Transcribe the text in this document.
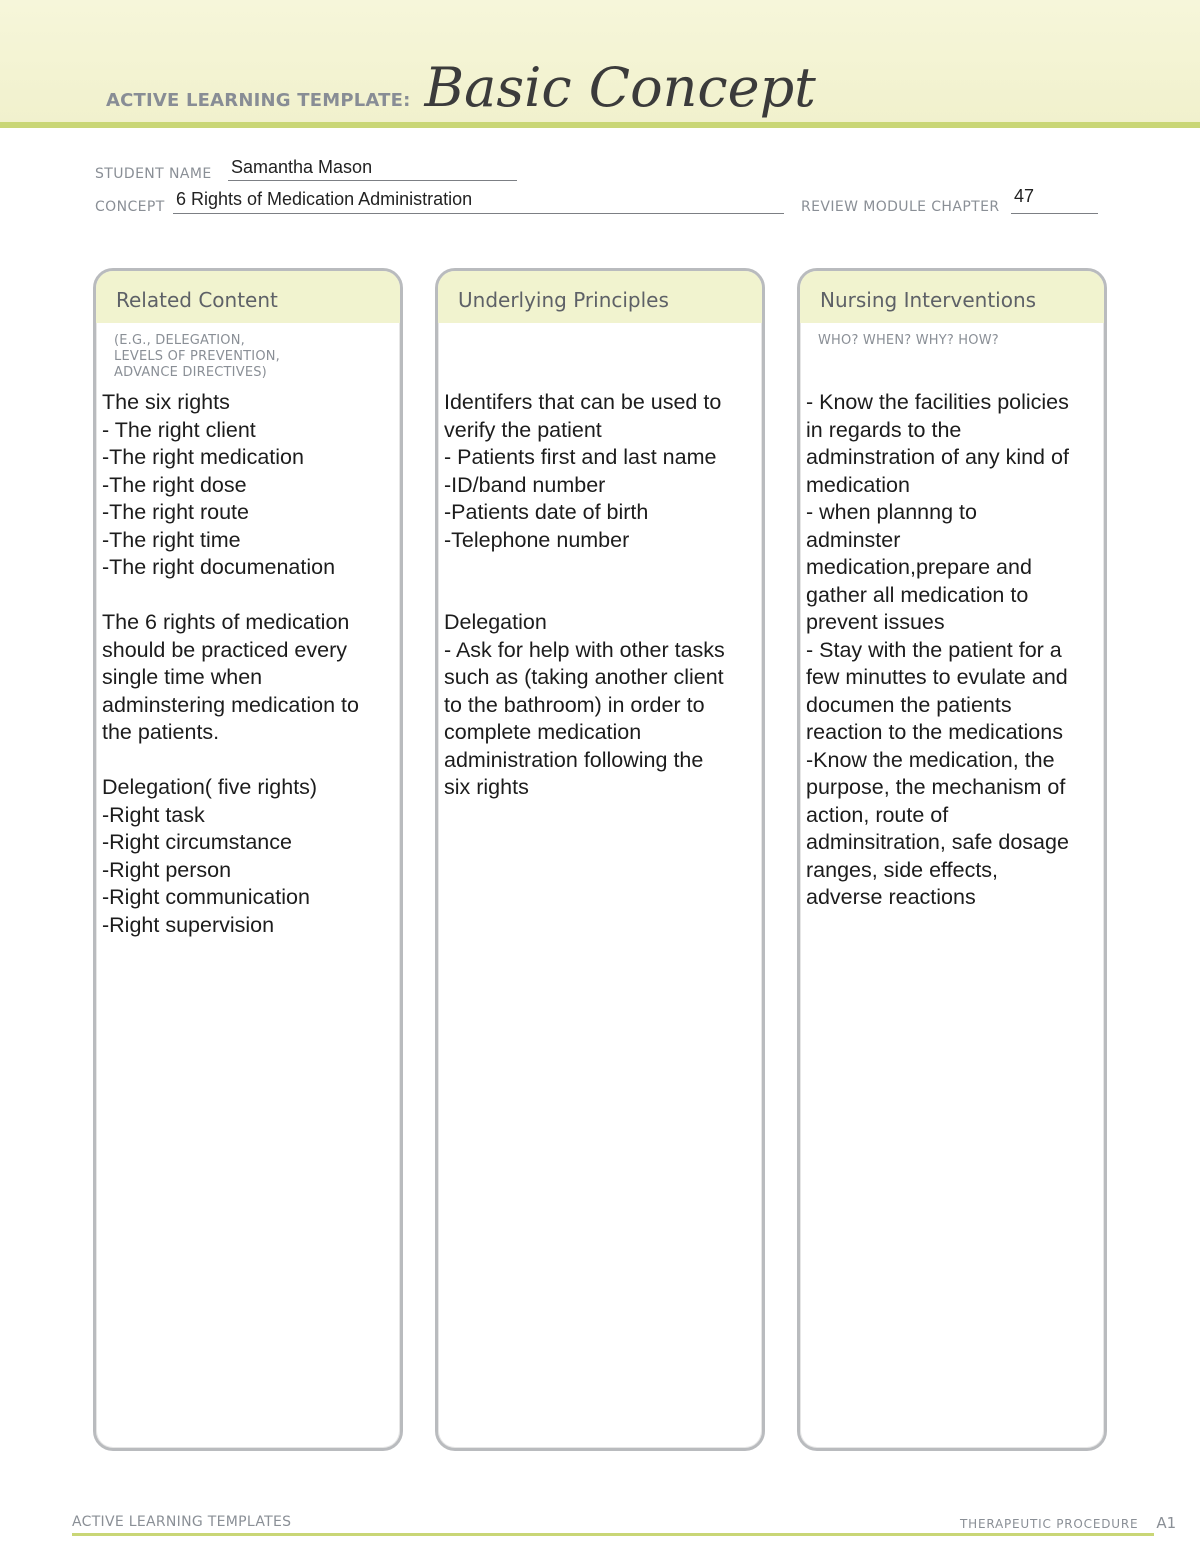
ACTIVE LEARNING TEMPLATE: Basic Concept
STUDENT NAME Samantha Mason
CONCEPT 6 Rights of Medication Administration	REVIEW MODULE CHAPTER
47
Related Content
(E.G., DELEGATION,
LEVELS OF PREVENTION,
ADVANCE DIRECTIVES)
The six rights
- The right client
-The right medication
-The right dose
-The right route
-The right time
-The right documenation

The 6 rights of medication
should be practiced every
single time when
adminstering medication to
the patients.

Delegation( five rights)
-Right task
-Right circumstance
-Right person
-Right communication
-Right supervision
Underlying Principles
Identifers that can be used to
verify the patient
- Patients first and last name
-ID/band number
-Patients date of birth
-Telephone number

Delegation
- Ask for help with other tasks
such as (taking another client
to the bathroom) in order to
complete medication
administration following the
six rights
Nursing Interventions
WHO? WHEN? WHY? HOW?
- Know the facilities policies
in regards to the
adminstration of any kind of
medication
- when plannng to
adminster
medication,prepare and
gather all medication to
prevent issues
- Stay with the patient for a
few minuttes to evulate and
documen the patients
reaction to the medications
-Know the medication, the
purpose, the mechanism of
action, route of
adminsitration, safe dosage
ranges, side effects,
adverse reactions
ACTIVE LEARNING TEMPLATES	THERAPEUTIC PROCEDURE A1
